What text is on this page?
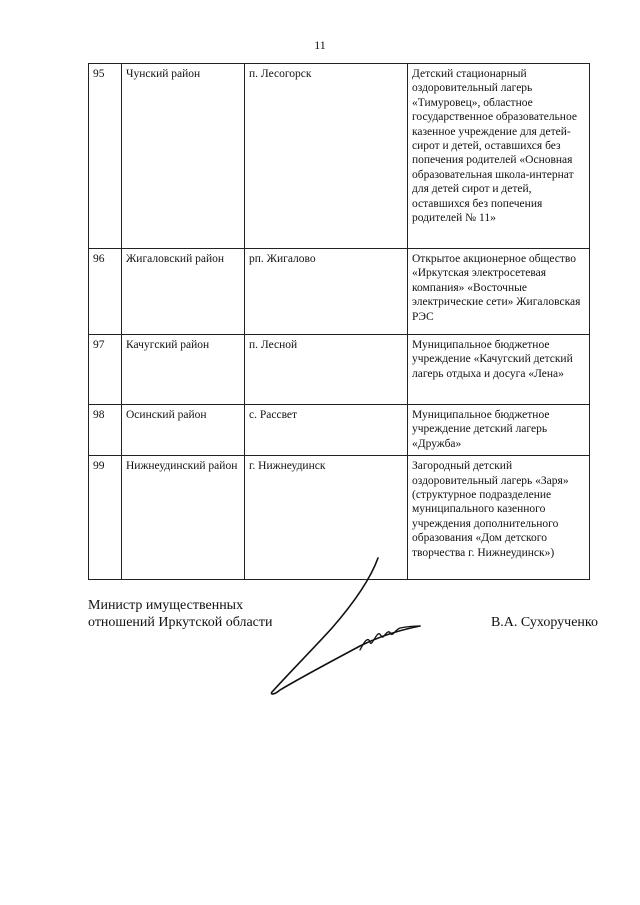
11
95	Чунский район	п. Лесогорск	Детский стационарный оздоровительный лагерь «Тимуровец», областное государственное образовательное казенное учреждение для детей-сирот и детей, оставшихся без попечения родителей «Основная образовательная школа-интернат для детей сирот и детей, оставшихся без попечения родителей № 11»
96	Жигаловский район	рп. Жигалово	Открытое акционерное общество «Иркутская электросетевая компания» «Восточные электрические сети» Жигаловская РЭС
97	Качугский район	п. Лесной	Муниципальное бюджетное учреждение «Качугский детский лагерь отдыха и досуга «Лена»
98	Осинский район	с. Рассвет	Муниципальное бюджетное учреждение детский лагерь «Дружба»
99	Нижнеудинский район	г. Нижнеудинск	Загородный детский оздоровительный лагерь «Заря» (структурное подразделение муниципального казенного учреждения дополнительного образования «Дом детского творчества г. Нижнеудинск»)
Министр имущественных
отношений Иркутской области	В.А. Сухорученко
